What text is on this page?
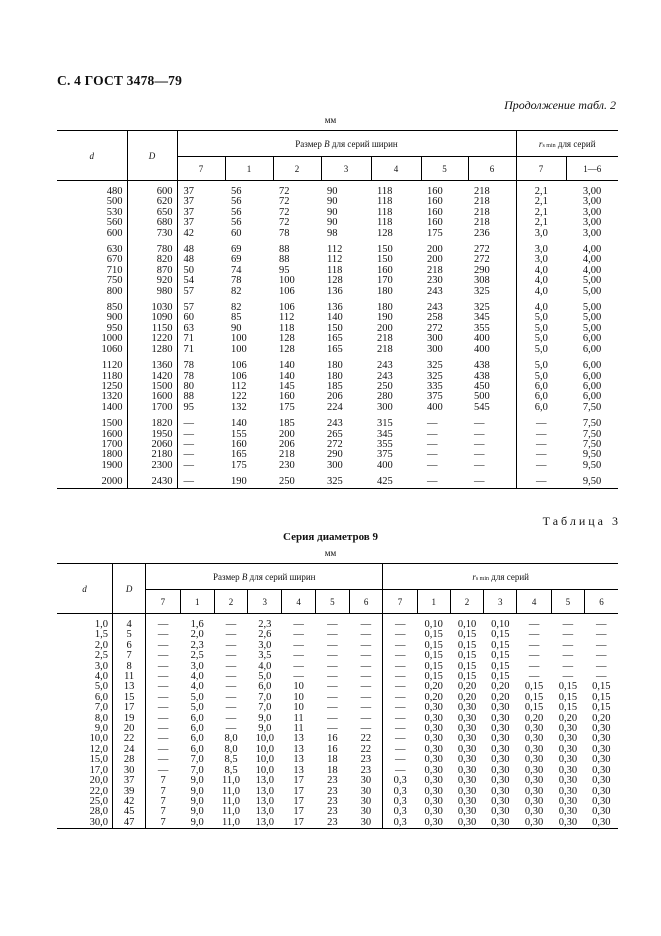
С. 4 ГОСТ 3478—79
Продолжение табл. 2
мм
d	D	Размер B для серий ширин							rs min для серий	
		7	1	2	3	4	5	6	7	1—6

480	600	37	56	72	90	118	160	218	2,1	3,00
500	620	37	56	72	90	118	160	218	2,1	3,00
530	650	37	56	72	90	118	160	218	2,1	3,00
560	680	37	56	72	90	118	160	218	2,1	3,00
600	730	42	60	78	98	128	175	236	3,0	3,00

630	780	48	69	88	112	150	200	272	3,0	4,00
670	820	48	69	88	112	150	200	272	3,0	4,00
710	870	50	74	95	118	160	218	290	4,0	4,00
750	920	54	78	100	128	170	230	308	4,0	5,00
800	980	57	82	106	136	180	243	325	4,0	5,00

850	1030	57	82	106	136	180	243	325	4,0	5,00
900	1090	60	85	112	140	190	258	345	5,0	5,00
950	1150	63	90	118	150	200	272	355	5,0	5,00
1000	1220	71	100	128	165	218	300	400	5,0	6,00
1060	1280	71	100	128	165	218	300	400	5,0	6,00

1120	1360	78	106	140	180	243	325	438	5,0	6,00
1180	1420	78	106	140	180	243	325	438	5,0	6,00
1250	1500	80	112	145	185	250	335	450	6,0	6,00
1320	1600	88	122	160	206	280	375	500	6,0	6,00
1400	1700	95	132	175	224	300	400	545	6,0	7,50

1500	1820	—	140	185	243	315	—	—	—	7,50
1600	1950	—	155	200	265	345	—	—	—	7,50
1700	2060	—	160	206	272	355	—	—	—	7,50
1800	2180	—	165	218	290	375	—	—	—	9,50
1900	2300	—	175	230	300	400	—	—	—	9,50

2000	2430	—	190	250	325	425	—	—	—	9,50
Таблица 3
Серия диаметров 9
мм
d	D	Размер B для серий ширин							rs min для серий						
		7	1	2	3	4	5	6	7	1	2	3	4	5	6

1,0	4	—	1,6	—	2,3	—	—	—	—	0,10	0,10	0,10	—	—	—
1,5	5	—	2,0	—	2,6	—	—	—	—	0,15	0,15	0,15	—	—	—
2,0	6	—	2,3	—	3,0	—	—	—	—	0,15	0,15	0,15	—	—	—
2,5	7	—	2,5	—	3,5	—	—	—	—	0,15	0,15	0,15	—	—	—
3,0	8	—	3,0	—	4,0	—	—	—	—	0,15	0,15	0,15	—	—	—
4,0	11	—	4,0	—	5,0	—	—	—	—	0,15	0,15	0,15	—	—	—
5,0	13	—	4,0	—	6,0	10	—	—	—	0,20	0,20	0,20	0,15	0,15	0,15
6,0	15	—	5,0	—	7,0	10	—	—	—	0,20	0,20	0,20	0,15	0,15	0,15
7,0	17	—	5,0	—	7,0	10	—	—	—	0,30	0,30	0,30	0,15	0,15	0,15
8,0	19	—	6,0	—	9,0	11	—	—	—	0,30	0,30	0,30	0,20	0,20	0,20
9,0	20	—	6,0	—	9,0	11	—	—	—	0,30	0,30	0,30	0,30	0,30	0,30
10,0	22	—	6,0	8,0	10,0	13	16	22	—	0,30	0,30	0,30	0,30	0,30	0,30
12,0	24	—	6,0	8,0	10,0	13	16	22	—	0,30	0,30	0,30	0,30	0,30	0,30
15,0	28	—	7,0	8,5	10,0	13	18	23	—	0,30	0,30	0,30	0,30	0,30	0,30
17,0	30	—	7,0	8,5	10,0	13	18	23	—	0,30	0,30	0,30	0,30	0,30	0,30
20,0	37	7	9,0	11,0	13,0	17	23	30	0,3	0,30	0,30	0,30	0,30	0,30	0,30
22,0	39	7	9,0	11,0	13,0	17	23	30	0,3	0,30	0,30	0,30	0,30	0,30	0,30
25,0	42	7	9,0	11,0	13,0	17	23	30	0,3	0,30	0,30	0,30	0,30	0,30	0,30
28,0	45	7	9,0	11,0	13,0	17	23	30	0,3	0,30	0,30	0,30	0,30	0,30	0,30
30,0	47	7	9,0	11,0	13,0	17	23	30	0,3	0,30	0,30	0,30	0,30	0,30	0,30
